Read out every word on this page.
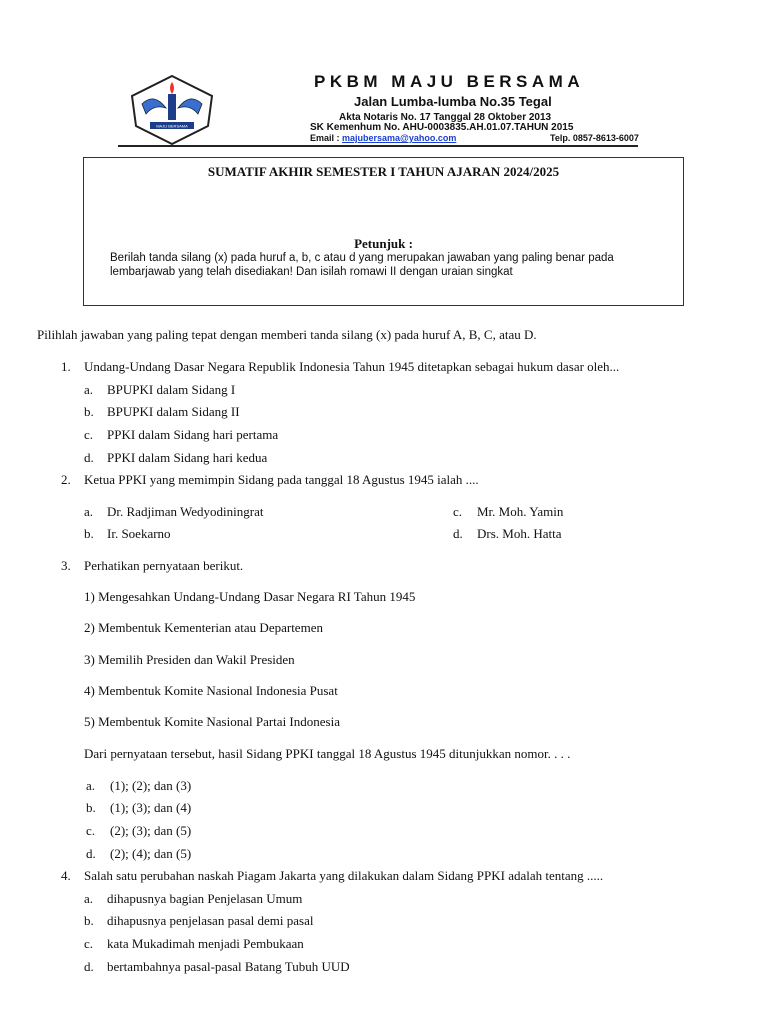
MAJU BERSAMA
PKBM MAJU BERSAMA
Jalan Lumba-lumba No.35 Tegal
Akta Notaris No. 17 Tanggal 28 Oktober 2013
SK Kemenhum No. AHU-0003835.AH.01.07.TAHUN 2015
Email : majubersama@yahoo.com	Telp. 0857-8613-6007
SUMATIF AKHIR SEMESTER I TAHUN AJARAN 2024/2025
Petunjuk :
Berilah tanda silang (x) pada huruf a, b, c atau d yang merupakan jawaban yang paling benar pada
lembarjawab yang telah disediakan! Dan isilah romawi II dengan uraian singkat
Pilihlah jawaban yang paling tepat dengan memberi tanda silang (x) pada huruf A, B, C, atau D.
1. Undang-Undang Dasar Negara Republik Indonesia Tahun 1945 ditetapkan sebagai hukum dasar oleh...
a. BPUPKI dalam Sidang I
b. BPUPKI dalam Sidang II
c. PPKI dalam Sidang hari pertama
d. PPKI dalam Sidang hari kedua
2. Ketua PPKI yang memimpin Sidang pada tanggal 18 Agustus 1945 ialah ....
a. Dr. Radjiman Wedyodiningrat
b. Ir. Soekarno
c. Mr. Moh. Yamin
d. Drs. Moh. Hatta
3. Perhatikan pernyataan berikut.
1) Mengesahkan Undang-Undang Dasar Negara RI Tahun 1945
2) Membentuk Kementerian atau Departemen
3) Memilih Presiden dan Wakil Presiden
4) Membentuk Komite Nasional Indonesia Pusat
5) Membentuk Komite Nasional Partai Indonesia
Dari pernyataan tersebut, hasil Sidang PPKI tanggal 18 Agustus 1945 ditunjukkan nomor. . . .
a. (1); (2); dan (3)
b. (1); (3); dan (4)
c. (2); (3); dan (5)
d. (2); (4); dan (5)
4. Salah satu perubahan naskah Piagam Jakarta yang dilakukan dalam Sidang PPKI adalah tentang .....
a. dihapusnya bagian Penjelasan Umum
b. dihapusnya penjelasan pasal demi pasal
c. kata Mukadimah menjadi Pembukaan
d. bertambahnya pasal-pasal Batang Tubuh UUD
